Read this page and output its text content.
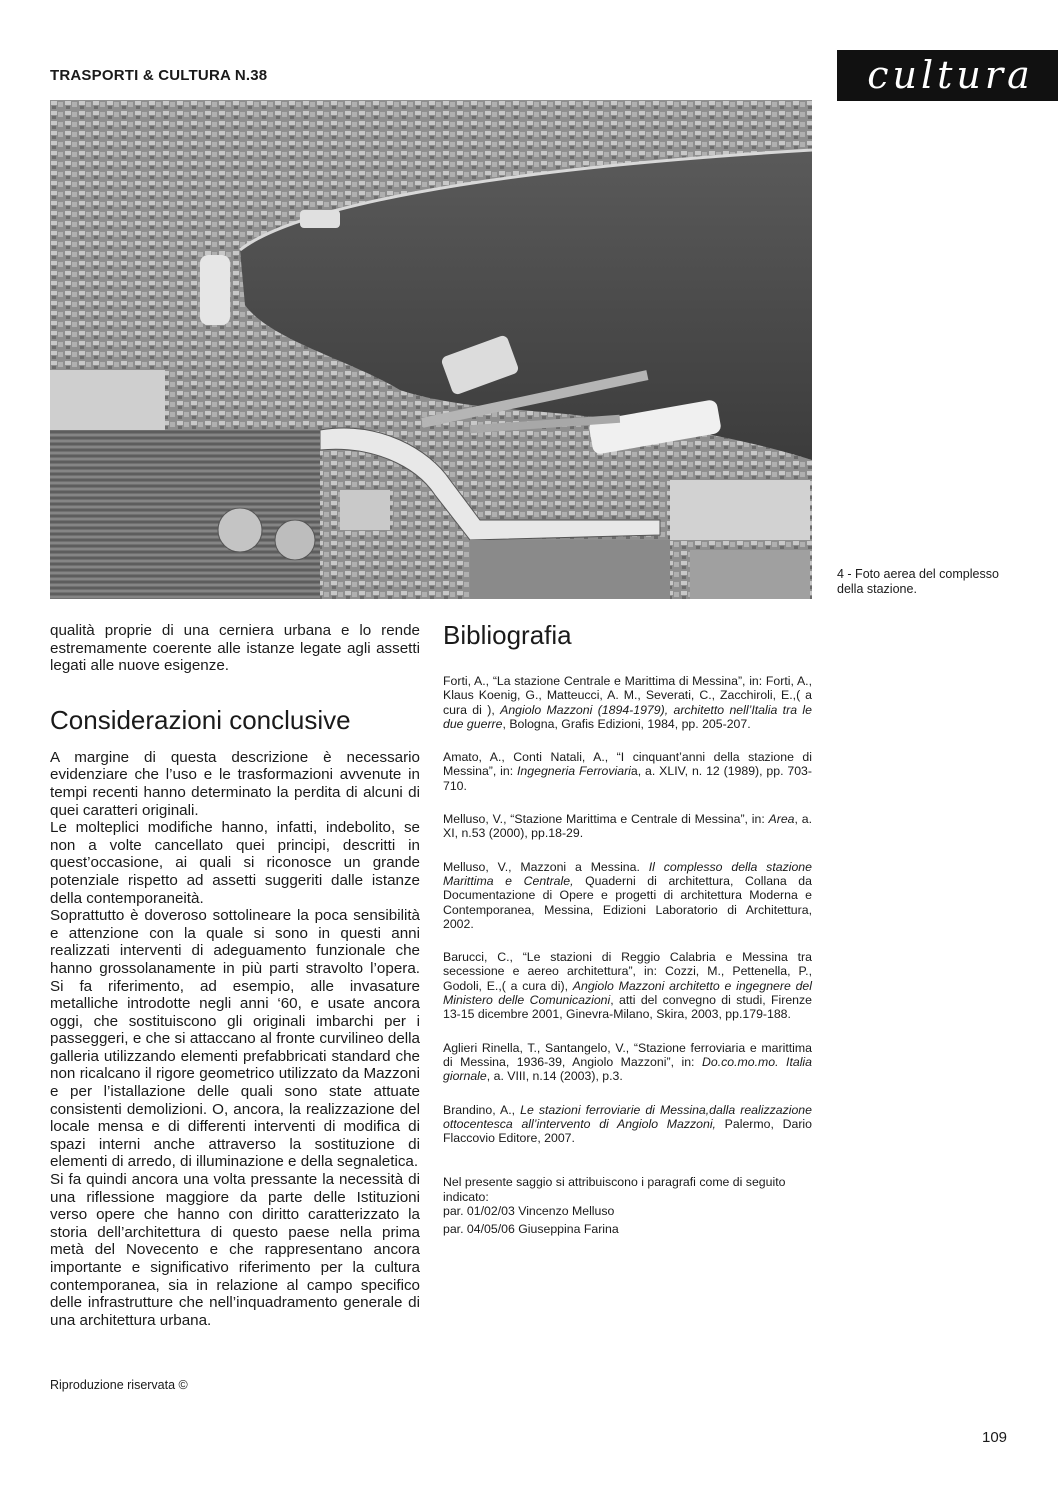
TRASPORTI & CULTURA N.38	cultura
4 - Foto aerea del complesso della stazione.
qualità proprie di una cerniera urbana e lo rende estremamente coerente alle istanze legate agli assetti legati alle nuove esigenze.
Considerazioni conclusive

A margine di questa descrizione è necessario evidenziare che l’uso e le trasformazioni avvenute in tempi recenti hanno determinato la perdita di alcuni di quei caratteri originali.

Le molteplici modifiche hanno, infatti, indebolito, se non a volte cancellato quei principi, descritti in quest’occasione, ai quali si riconosce un grande potenziale rispetto ad assetti suggeriti dalle istanze della contemporaneità.

Soprattutto è doveroso sottolineare la poca sensibilità e attenzione con la quale si sono in questi anni realizzati interventi di adeguamento funzionale che hanno grossolanamente in più parti stravolto l’opera. Si fa riferimento, ad esempio, alle invasature metalliche introdotte negli anni ‘60, e usate ancora oggi, che sostituiscono gli originali imbarchi per i passeggeri, e che si attaccano al fronte curvilineo della galleria utilizzando elementi prefabbricati standard che non ricalcano il rigore geometrico utilizzato da Mazzoni e per l’istallazione delle quali sono state attuate consistenti demolizioni. O, ancora, la realizzazione del locale mensa e di differenti interventi di modifica di spazi interni anche attraverso la sostituzione di elementi di arredo, di illuminazione e della segnaletica.

Si fa quindi ancora una volta pressante la necessità di una riflessione maggiore da parte delle Istituzioni verso opere che hanno con diritto caratterizzato la storia dell’architettura di questo paese nella prima metà del Novecento e che rappresentano ancora importante e significativo riferimento per la cultura contemporanea, sia in relazione al campo specifico delle infrastrutture che nell’inquadramento generale di una architettura urbana.

Bibliografia

Forti, A., “La stazione Centrale e Marittima di Messina”, in: Forti, A., Klaus Koenig, G., Matteucci, A. M., Severati, C., Zacchiroli, E.,( a cura di ), Angiolo Mazzoni (1894-1979), architetto nell’Italia tra le due guerre, Bologna, Grafis Edizioni, 1984, pp. 205-207.

Amato, A., Conti Natali, A., “I cinquant’anni della stazione di Messina”, in: Ingegneria Ferroviaria, a. XLIV, n. 12 (1989), pp. 703-710.

Melluso, V., “Stazione Marittima e Centrale di Messina”, in: Area, a. XI, n.53 (2000), pp.18-29.

Melluso, V., Mazzoni a Messina. Il complesso della stazione Marittima e Centrale, Quaderni di architettura, Collana da Documentazione di Opere e progetti di architettura Moderna e Contemporanea, Messina, Edizioni Laboratorio di Architettura, 2002.

Barucci, C., “Le stazioni di Reggio Calabria e Messina tra secessione e aereo architettura”, in: Cozzi, M., Pettenella, P., Godoli, E.,( a cura di), Angiolo Mazzoni architetto e ingegnere del Ministero delle Comunicazioni, atti del convegno di studi, Firenze 13-15 dicembre 2001, Ginevra-Milano, Skira, 2003, pp.179-188.

Aglieri Rinella, T., Santangelo, V., “Stazione ferroviaria e marittima di Messina, 1936-39, Angiolo Mazzoni”, in: Do.co.mo.mo. Italia giornale, a. VIII, n.14 (2003), p.3.

Brandino, A., Le stazioni ferroviarie di Messina,dalla realizzazione ottocentesca all’intervento di Angiolo Mazzoni, Palermo, Dario Flaccovio Editore, 2007.

Nel presente saggio si attribuiscono i paragrafi come di seguito indicato:
par. 01/02/03 Vincenzo Melluso
par. 04/05/06 Giuseppina Farina
Riproduzione riservata ©
109
